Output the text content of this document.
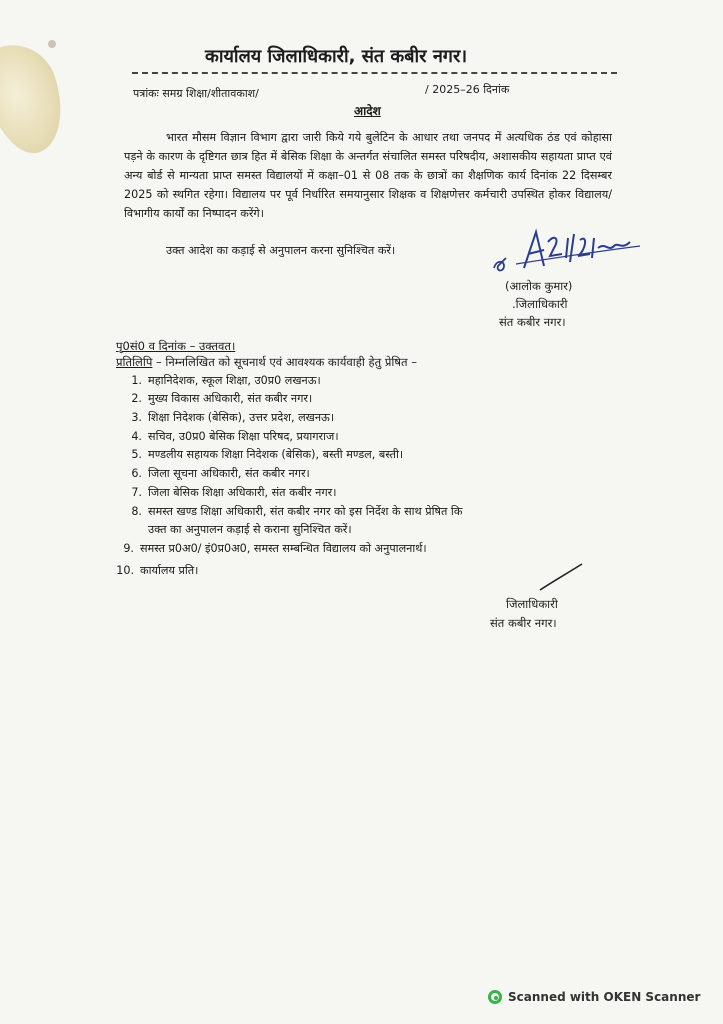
कार्यालय जिलाधिकारी, संत कबीर नगर।
पत्रांकः समग्र शिक्षा/शीतावकाश/	/ 2025–26 दिनांक
आदेश

भारत मौसम विज्ञान विभाग द्वारा जारी किये गये बुलेटिन के आधार तथा जनपद में अत्यधिक ठंड एवं कोहासा पड़ने के कारण के दृष्टिगत छात्र हित में बेसिक शिक्षा के अन्तर्गत संचालित समस्त परिषदीय, अशासकीय सहायता प्राप्त एवं अन्य बोर्ड से मान्यता प्राप्त समस्त विद्यालयों में कक्षा–01 से 08 तक के छात्रों का शैक्षणिक कार्य दिनांक 22 दिसम्बर 2025 को स्थगित रहेगा। विद्यालय पर पूर्व निर्धारित समयानुसार शिक्षक व शिक्षणेत्तर कर्मचारी उपस्थित होकर विद्यालय/ विभागीय कार्यों का निष्पादन करेंगे।

उक्त आदेश का कड़ाई से अनुपालन करना सुनिश्चित करें।

(आलोक कुमार)
.जिलाधिकारी
संत कबीर नगर।
पृ0सं0 व दिनांक – उक्तवत।
प्रतिलिपि – निम्नलिखित को सूचनार्थ एवं आवश्यक कार्यवाही हेतु प्रेषित –
1. महानिदेशक, स्कूल शिक्षा, उ0प्र0 लखनऊ।
2. मुख्य विकास अधिकारी, संत कबीर नगर।
3. शिक्षा निदेशक (बेसिक), उत्तर प्रदेश, लखनऊ।
4. सचिव, उ0प्र0 बेसिक शिक्षा परिषद, प्रयागराज।
5. मण्डलीय सहायक शिक्षा निदेशक (बेसिक), बस्ती मण्डल, बस्ती।
6. जिला सूचना अधिकारी, संत कबीर नगर।
7. जिला बेसिक शिक्षा अधिकारी, संत कबीर नगर।
8. समस्त खण्ड शिक्षा अधिकारी, संत कबीर नगर को इस निर्देश के साथ प्रेषित कि
उक्त का अनुपालन कड़ाई से कराना सुनिश्चित करें।
9. समस्त प्र0अ0/ इं0प्र0अ0, समस्त सम्बन्धित विद्यालय को अनुपालनार्थ।
10. कार्यालय प्रति।
जिलाधिकारी
संत कबीर नगर।
Scanned with OKEN Scanner
